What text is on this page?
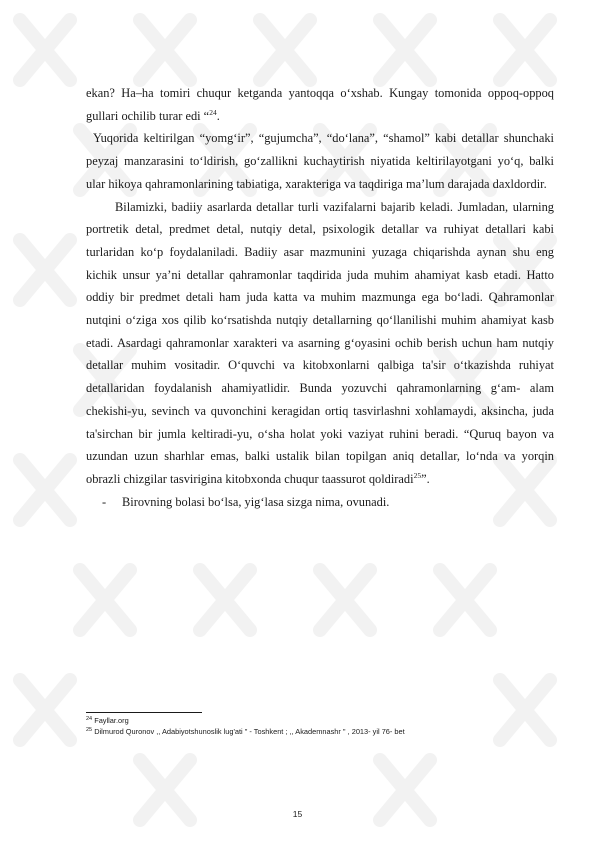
ekan? Ha–ha tomiri chuqur ketganda yantoqqa o‘xshab. Kungay tomonida oppoq-oppoq gullari ochilib turar edi “$^{24}$.

Yuqorida keltirilgan “yomg‘ir”, “gujumcha”, “do‘lana”, “shamol” kabi detallar shunchaki peyzaj manzarasini to‘ldirish, go‘zallikni kuchaytirish niyatida keltirilayotgani yo‘q, balki ular hikoya qahramonlarining tabiatiga, xarakteriga va taqdiriga ma’lum darajada daxldordir.

Bilamizki, badiiy asarlarda detallar turli vazifalarni bajarib keladi. Jumladan, ularning portretik detal, predmet detal, nutqiy detal, psixologik detallar va ruhiyat detallari kabi turlaridan ko‘p foydalaniladi. Badiiy asar mazmunini yuzaga chiqarishda aynan shu eng kichik unsur ya’ni detallar qahramonlar taqdirida juda muhim ahamiyat kasb etadi. Hatto oddiy bir predmet detali ham juda katta va muhim mazmunga ega bo‘ladi. Qahramonlar nutqini o‘ziga xos qilib ko‘rsatishda nutqiy detallarning qo‘llanilishi muhim ahamiyat kasb etadi. Asardagi qahramonlar xarakteri va asarning g‘oyasini ochib berish uchun ham nutqiy detallar muhim vositadir. O‘quvchi va kitobxonlarni qalbiga ta'sir o‘tkazishda ruhiyat detallaridan foydalanish ahamiyatlidir. Bunda yozuvchi qahramonlarning g‘am- alam chekishi-yu, sevinch va quvonchini keragidan ortiq tasvirlashni xohlamaydi, aksincha, juda ta'sirchan bir jumla keltiradi-yu, o‘sha holat yoki vaziyat ruhini beradi. “Quruq bayon va uzundan uzun sharhlar emas, balki ustalik bilan topilgan aniq detallar, lo‘nda va yorqin obrazli chizgilar tasvirigina kitobxonda chuqur taassurot qoldiradi$^{25}$”.

-	Birovning bolasi bo‘lsa, yig‘lasa sizga nima, ovunadi.

$^{24}$ Fayllar.org

$^{25}$ Dilmurod Quronov ,, Adabiyotshunoslik lug'ati " - Toshkent ; ,, Akademnashr " , 2013- yil 76- bet

15
